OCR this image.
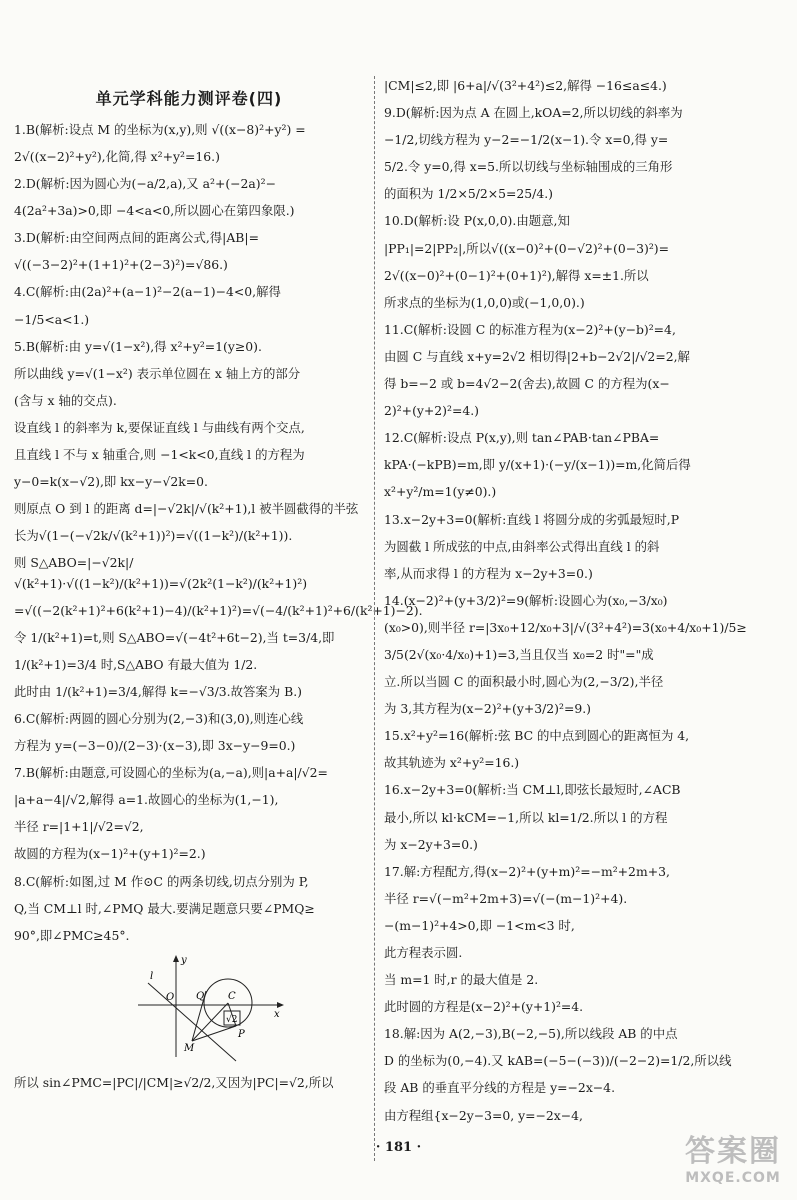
单元学科能力测评卷(四)
1.B(解析:设点 M 的坐标为(x,y),则 √((x−8)²+y²) =
2√((x−2)²+y²),化简,得 x²+y²=16.)
2.D(解析:因为圆心为(−a/2,a),又 a²+(−2a)²−
4(2a²+3a)>0,即 −4<a<0,所以圆心在第四象限.)
3.D(解析:由空间两点间的距离公式,得|AB|=
√((−3−2)²+(1+1)²+(2−3)²)=√86.)
4.C(解析:由(2a)²+(a−1)²−2(a−1)−4<0,解得
−1/5<a<1.)
5.B(解析:由 y=√(1−x²),得 x²+y²=1(y≥0).
所以曲线 y=√(1−x²) 表示单位圆在 x 轴上方的部分
(含与 x 轴的交点).
设直线 l 的斜率为 k,要保证直线 l 与曲线有两个交点,
且直线 l 不与 x 轴重合,则 −1<k<0,直线 l 的方程为
y−0=k(x−√2),即 kx−y−√2k=0.
则原点 O 到 l 的距离 d=|−√2k|/√(k²+1),l 被半圆截得的半弦
长为√(1−(−√2k/√(k²+1))²)=√((1−k²)/(k²+1)).
则 S△ABO=|−√2k|/√(k²+1)·√((1−k²)/(k²+1))=√(2k²(1−k²)/(k²+1)²)
=√((−2(k²+1)²+6(k²+1)−4)/(k²+1)²)=√(−4/(k²+1)²+6/(k²+1)−2).
令 1/(k²+1)=t,则 S△ABO=√(−4t²+6t−2),当 t=3/4,即
1/(k²+1)=3/4 时,S△ABO 有最大值为 1/2.
此时由 1/(k²+1)=3/4,解得 k=−√3/3.故答案为 B.)
6.C(解析:两圆的圆心分别为(2,−3)和(3,0),则连心线
方程为 y=(−3−0)/(2−3)·(x−3),即 3x−y−9=0.)
7.B(解析:由题意,可设圆心的坐标为(a,−a),则|a+a|/√2=
|a+a−4|/√2,解得 a=1.故圆心的坐标为(1,−1),
半径 r=|1+1|/√2=√2,
故圆的方程为(x−1)²+(y+1)²=2.)
8.C(解析:如图,过 M 作⊙C 的两条切线,切点分别为 P,
Q,当 CM⊥l 时,∠PMQ 最大.要满足题意只要∠PMQ≥
90°,即∠PMC≥45°.
y
l
O Q C
√2	x
M
P
所以 sin∠PMC=|PC|/|CM|≥√2/2,又因为|PC|=√2,所以
|CM|≤2,即 |6+a|/√(3²+4²)≤2,解得 −16≤a≤4.)
9.D(解析:因为点 A 在圆上,kOA=2,所以切线的斜率为
−1/2,切线方程为 y−2=−1/2(x−1).令 x=0,得 y=
5/2.令 y=0,得 x=5.所以切线与坐标轴围成的三角形
的面积为 1/2×5/2×5=25/4.)
10.D(解析:设 P(x,0,0).由题意,知
|PP₁|=2|PP₂|,所以√((x−0)²+(0−√2)²+(0−3)²)=
2√((x−0)²+(0−1)²+(0+1)²),解得 x=±1.所以
所求点的坐标为(1,0,0)或(−1,0,0).)
11.C(解析:设圆 C 的标准方程为(x−2)²+(y−b)²=4,
由圆 C 与直线 x+y=2√2 相切得|2+b−2√2|/√2=2,解
得 b=−2 或 b=4√2−2(舍去),故圆 C 的方程为(x−
2)²+(y+2)²=4.)
12.C(解析:设点 P(x,y),则 tan∠PAB·tan∠PBA=
kPA·(−kPB)=m,即 y/(x+1)·(−y/(x−1))=m,化简后得
x²+y²/m=1(y≠0).)
13.x−2y+3=0(解析:直线 l 将圆分成的劣弧最短时,P
为圆截 l 所成弦的中点,由斜率公式得出直线 l 的斜
率,从而求得 l 的方程为 x−2y+3=0.)
14.(x−2)²+(y+3/2)²=9(解析:设圆心为(x₀,−3/x₀)
(x₀>0),则半径 r=|3x₀+12/x₀+3|/√(3²+4²)=3(x₀+4/x₀+1)/5≥
3/5(2√(x₀·4/x₀)+1)=3,当且仅当 x₀=2 时"="成
立.所以当圆 C 的面积最小时,圆心为(2,−3/2),半径
为 3,其方程为(x−2)²+(y+3/2)²=9.)
15.x²+y²=16(解析:弦 BC 的中点到圆心的距离恒为 4,
故其轨迹为 x²+y²=16.)
16.x−2y+3=0(解析:当 CM⊥l,即弦长最短时,∠ACB
最小,所以 kl·kCM=−1,所以 kl=1/2.所以 l 的方程
为 x−2y+3=0.)
17.解:方程配方,得(x−2)²+(y+m)²=−m²+2m+3,
半径 r=√(−m²+2m+3)=√(−(m−1)²+4).
−(m−1)²+4>0,即 −1<m<3 时,
此方程表示圆.
当 m=1 时,r 的最大值是 2.
此时圆的方程是(x−2)²+(y+1)²=4.
18.解:因为 A(2,−3),B(−2,−5),所以线段 AB 的中点
D 的坐标为(0,−4).又 kAB=(−5−(−3))/(−2−2)=1/2,所以线
段 AB 的垂直平分线的方程是 y=−2x−4.
由方程组{x−2y−3=0, y=−2x−4,
· 181 ·	答案圈
MXQE.COM
